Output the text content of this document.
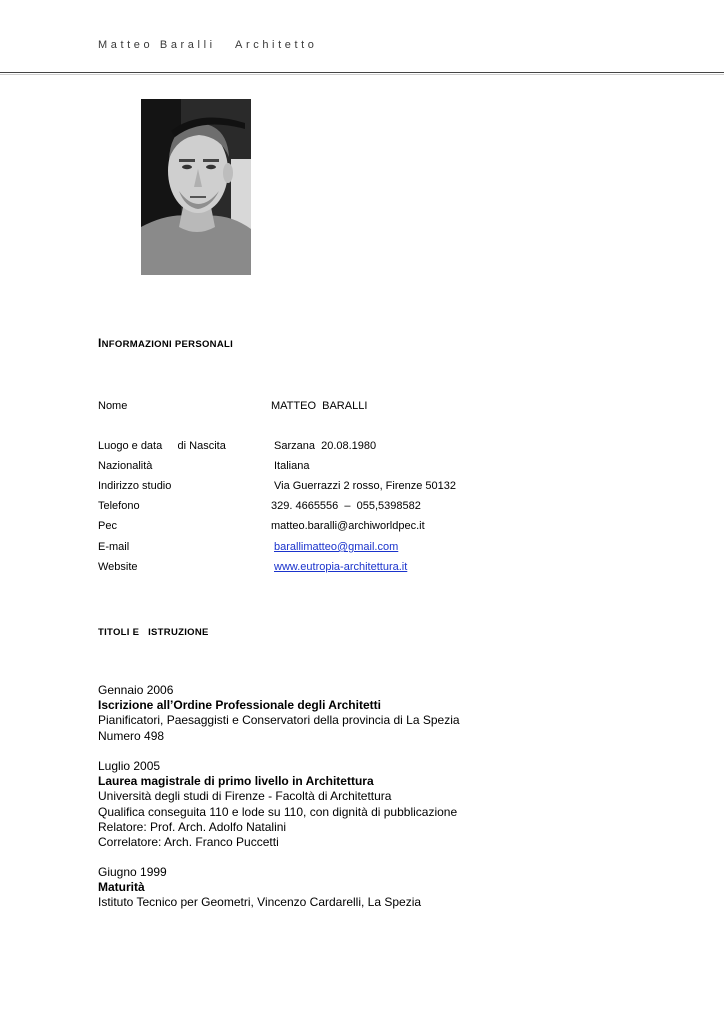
Matteo Baralli   Architetto
INFORMAZIONI PERSONALI
Nome	MATTEO  BARALLI
Luogo e data     di Nascita	Sarzana  20.08.1980
Nazionalità	Italiana
Indirizzo studio	Via Guerrazzi 2 rosso, Firenze 50132
Telefono	329. 4665556  –  055,5398582
Pec	matteo.baralli@archiworldpec.it
E-mail	barallimatteo@gmail.com
Website	www.eutropia-architettura.it
TITOLI E   ISTRUZIONE
Gennaio 2006
Iscrizione all’Ordine Professionale degli Architetti
Pianificatori, Paesaggisti e Conservatori della provincia di La Spezia
Numero 498
Luglio 2005
Laurea magistrale di primo livello in Architettura
Università degli studi di Firenze - Facoltà di Architettura
Qualifica conseguita 110 e lode su 110, con dignità di pubblicazione
Relatore: Prof. Arch. Adolfo Natalini
Correlatore: Arch. Franco Puccetti
Giugno 1999
Maturità
Istituto Tecnico per Geometri, Vincenzo Cardarelli, La Spezia
